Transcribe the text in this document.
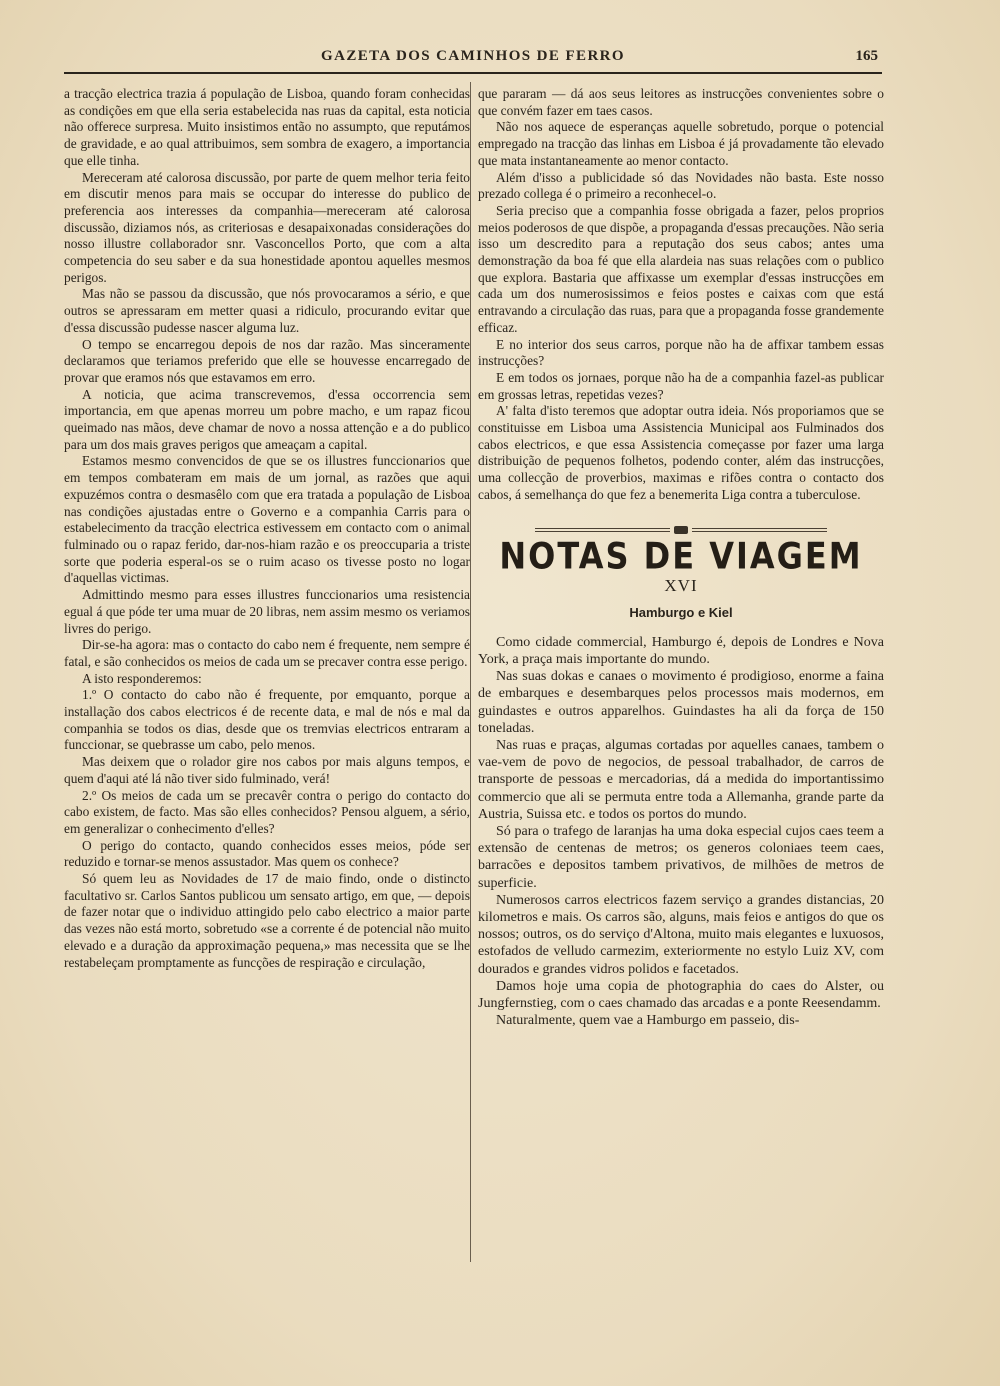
GAZETA DOS CAMINHOS DE FERRO	165

a tracção electrica trazia á população de Lisboa, quando foram conhecidas as condições em que ella seria estabelecida nas ruas da capital, esta noticia não offerece surpresa. Muito insistimos então no assumpto, que reputámos de gravidade, e ao qual attribuimos, sem sombra de exagero, a importancia que elle tinha.

Mereceram até calorosa discussão, por parte de quem melhor teria feito em discutir menos para mais se occupar do interesse do publico de preferencia aos interesses da companhia—mereceram até calorosa discussão, diziamos nós, as criteriosas e desapaixonadas considerações do nosso illustre collaborador snr. Vasconcellos Porto, que com a alta competencia do seu saber e da sua honestidade apontou aquelles mesmos perigos.

Mas não se passou da discussão, que nós provocaramos a sério, e que outros se apressaram em metter quasi a ridiculo, procurando evitar que d'essa discussão pudesse nascer alguma luz.

O tempo se encarregou depois de nos dar razão. Mas sinceramente declaramos que teriamos preferido que elle se houvesse encarregado de provar que eramos nós que estavamos em erro.

A noticia, que acima transcrevemos, d'essa occorrencia sem importancia, em que apenas morreu um pobre macho, e um rapaz ficou queimado nas mãos, deve chamar de novo a nossa attenção e a do publico para um dos mais graves perigos que ameaçam a capital.

Estamos mesmo convencidos de que se os illustres funccionarios que em tempos combateram em mais de um jornal, as razões que aqui expuzémos contra o desmasêlo com que era tratada a população de Lisboa nas condições ajustadas entre o Governo e a companhia Carris para o estabelecimento da tracção electrica estivessem em contacto com o animal fulminado ou o rapaz ferido, dar-nos-hiam razão e os preoccuparia a triste sorte que poderia esperal-os se o ruim acaso os tivesse posto no logar d'aquellas victimas.

Admittindo mesmo para esses illustres funccionarios uma resistencia egual á que póde ter uma muar de 20 libras, nem assim mesmo os veriamos livres do perigo.

Dir-se-ha agora: mas o contacto do cabo nem é frequente, nem sempre é fatal, e são conhecidos os meios de cada um se precaver contra esse perigo.

A isto responderemos:

1.º O contacto do cabo não é frequente, por emquanto, porque a installação dos cabos electricos é de recente data, e mal de nós e mal da companhia se todos os dias, desde que os tremvias electricos entraram a funccionar, se quebrasse um cabo, pelo menos.

Mas deixem que o rolador gire nos cabos por mais alguns tempos, e quem d'aqui até lá não tiver sido fulminado, verá!

2.º Os meios de cada um se precavêr contra o perigo do contacto do cabo existem, de facto. Mas são elles conhecidos? Pensou alguem, a sério, em generalizar o conhecimento d'elles?

O perigo do contacto, quando conhecidos esses meios, póde ser reduzido e tornar-se menos assustador. Mas quem os conhece?

Só quem leu as Novidades de 17 de maio findo, onde o distincto facultativo sr. Carlos Santos publicou um sensato artigo, em que, — depois de fazer notar que o individuo attingido pelo cabo electrico a maior parte das vezes não está morto, sobretudo «se a corrente é de potencial não muito elevado e a duração da approximação pequena,» mas necessita que se lhe restabeleçam promptamente as funcções de respiração e circulação,

que pararam — dá aos seus leitores as instrucções convenientes sobre o que convém fazer em taes casos.

Não nos aquece de esperanças aquelle sobretudo, porque o potencial empregado na tracção das linhas em Lisboa é já provadamente tão elevado que mata instantaneamente ao menor contacto.

Além d'isso a publicidade só das Novidades não basta. Este nosso prezado collega é o primeiro a reconhecel-o.

Seria preciso que a companhia fosse obrigada a fazer, pelos proprios meios poderosos de que dispõe, a propaganda d'essas precauções. Não seria isso um descredito para a reputação dos seus cabos; antes uma demonstração da boa fé que ella alardeia nas suas relações com o publico que explora. Bastaria que affixasse um exemplar d'essas instrucções em cada um dos numerosissimos e feios postes e caixas com que está entravando a circulação das ruas, para que a propaganda fosse grandemente efficaz.

E no interior dos seus carros, porque não ha de affixar tambem essas instrucções?

E em todos os jornaes, porque não ha de a companhia fazel-as publicar em grossas letras, repetidas vezes?

A' falta d'isto teremos que adoptar outra ideia. Nós proporiamos que se constituisse em Lisboa uma Assistencia Municipal aos Fulminados dos cabos electricos, e que essa Assistencia começasse por fazer uma larga distribuição de pequenos folhetos, podendo conter, além das instrucções, uma collecção de proverbios, maximas e rifões contra o contacto dos cabos, á semelhança do que fez a benemerita Liga contra a tuberculose.

NOTAS DE VIAGEM
XVI
Hamburgo e Kiel

Como cidade commercial, Hamburgo é, depois de Londres e Nova York, a praça mais importante do mundo.

Nas suas dokas e canaes o movimento é prodigioso, enorme a faina de embarques e desembarques pelos processos mais modernos, em guindastes e outros apparelhos. Guindastes ha ali da força de 150 toneladas.

Nas ruas e praças, algumas cortadas por aquelles canaes, tambem o vae-vem de povo de negocios, de pessoal trabalhador, de carros de transporte de pessoas e mercadorias, dá a medida do importantissimo commercio que ali se permuta entre toda a Allemanha, grande parte da Austria, Suissa etc. e todos os portos do mundo.

Só para o trafego de laranjas ha uma doka especial cujos caes teem a extensão de centenas de metros; os generos coloniaes teem caes, barracões e depositos tambem privativos, de milhões de metros de superficie.

Numerosos carros electricos fazem serviço a grandes distancias, 20 kilometros e mais. Os carros são, alguns, mais feios e antigos do que os nossos; outros, os do serviço d'Altona, muito mais elegantes e luxuosos, estofados de velludo carmezim, exteriormente no estylo Luiz XV, com dourados e grandes vidros polidos e facetados.

Damos hoje uma copia de photographia do caes do Alster, ou Jungfernstieg, com o caes chamado das arcadas e a ponte Reesendamm.

Naturalmente, quem vae a Hamburgo em passeio, dis-
